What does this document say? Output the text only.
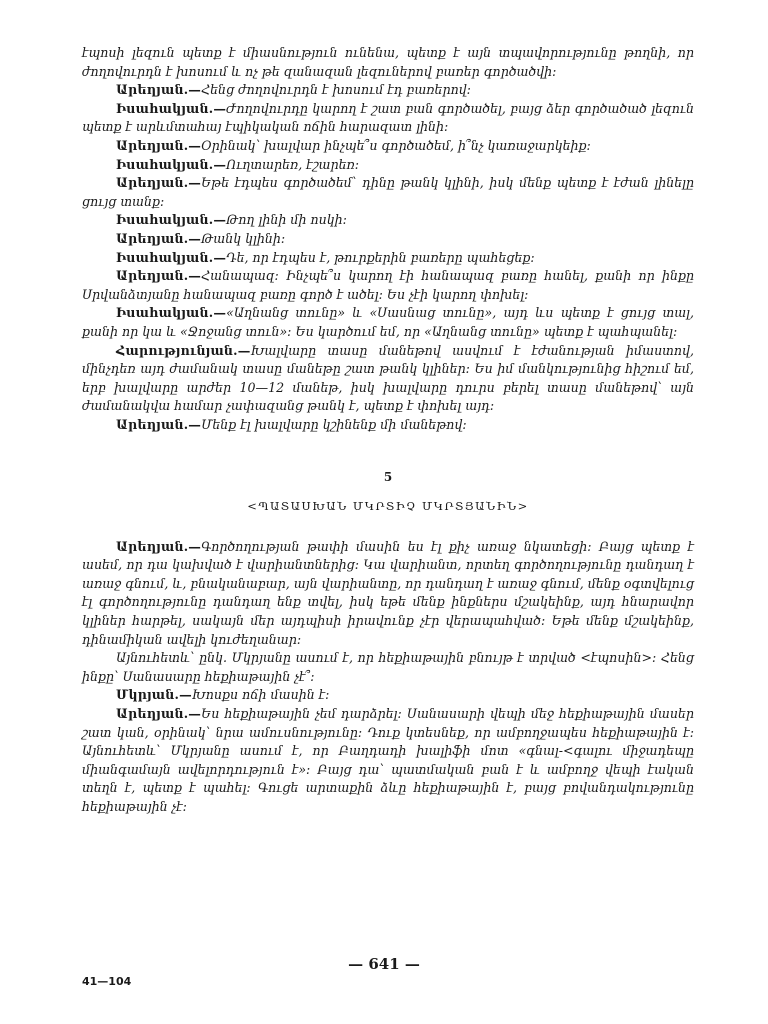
էպոսի լեզուն պետք է միասնություն ունենա, պետք է այն տպավորությունը թողնի, որ ժողովուրդն է խոսում և ոչ թե զանազան լեզուներով բառեր գործածվի։

Արեղյան.—Հենց ժողովուրդն է խոսում էդ բառերով։

Իսահակյան.—Ժողովուրդը կարող է շատ բան գործածել, բայց ձեր գործածած լեզուն պետք է արևմտահայ էպիկական ոճին հարազատ լինի։

Արեղյան.—Օրինակ՝ խալվար ինչպե՞ս գործածեմ, ի՞նչ կառաջարկեիք։

Իսահակյան.—Ուղտարեռ, էշարեռ։

Արեղյան.—Եթե էդպես գործածեմ՝ դինը թանկ կլինի, իսկ մենք պետք է էժան լինելը ցույց տանք։

Իսահակյան.—Թող լինի մի ոսկի։

Արեղյան.—Թանկ կլինի։

Իսահակյան.—Դե, որ էդպես է, թուրքերին բառերը պահեցեք։

Արեղյան.—Հանապազ: Ինչպե՞ս կարող էի հանապազ բառը հանել, քանի որ ինքը Սրվանձտյանը հանապազ բառը գործ է ածել։ Ես չէի կարող փոխել։

Իսահակյան.—«Աղնանց տունը» և «Սասնաց տունը», այդ ևս պետք է ցույց տալ, քանի որ կա և «Ջոջանց տուն»։ Ես կարծում եմ, որ «Աղնանց տունը» պետք է պահպանել։

Հարությունյան.—Խալվարը տասը մանեթով ասվում է էժանության իմաստով, մինչդեռ այդ ժամանակ տասը մանեթը շատ թանկ կլիներ։ Ես իմ մանկությունից հիշում եմ, երբ խալվարը արժեր 10—12 մանեթ, իսկ խալվարը դուրս բերել տասը մանեթով՝ այն ժամանակվա համար չափազանց թանկ է, պետք է փոխել այդ։

Արեղյան.—Մենք էլ խալվարը կշինենք մի մանեթով։

5
<ՊԱՏԱՍԽԱՆ ՄԿՐՏԻՉ ՄԿՐՏՅԱՆԻՆ>

Արեղյան.—Գործողության թափի մասին ես էլ քիչ առաջ նկատեցի։ Բայց պետք է ասեմ, որ դա կախված է վարիանտներից։ Կա վարիանտ, որտեղ գործողությունը դանդաղ է առաջ գնում, և, բնականաբար, այն վարիանտը, որ դանդաղ է առաջ գնում, մենք օգտվելուց էլ գործողությունը դանդաղ ենք տվել, իսկ եթե մենք ինքներս մշակեինք, այդ հնարավոր կլիներ հարթել, սակայն մեր այդպիսի իրավունք չէր վերապահված։ Եթե մենք մշակեինք, դինամիկան ավելի կուժեղանար։

Այնուհետև՝ ընկ. Մկրյանը ասում է, որ հեքիաթային բնույթ է տրված <էպոսին>։ Հենց ինքը՝ Սանասարը հեքիաթային չէ՞։

Մկրյան.—Խոսքս ոճի մասին է։

Արեղյան.—Ես հեքիաթային չեմ դարձրել։ Սանասարի վեպի մեջ հեքիաթային մասեր շատ կան, օրինակ՝ նրա ամուսնությունը։ Դուք կտեսնեք, որ ամբողջապես հեքիաթային է։ Այնուհետև՝ Մկրյանը ասում է, որ Բաղդադի խալիֆի մոտ «գնալ-<գալու միջադեպը միանգամայն ավելորդություն է»։ Բայց դա՝ պատմական բան է և ամբողջ վեպի էական տեղն է, պետք է պահել։ Գուցե արտաքին ձևը հեքիաթային է, բայց բովանդակությունը հեքիաթային չէ։

— 641 —
41—104
